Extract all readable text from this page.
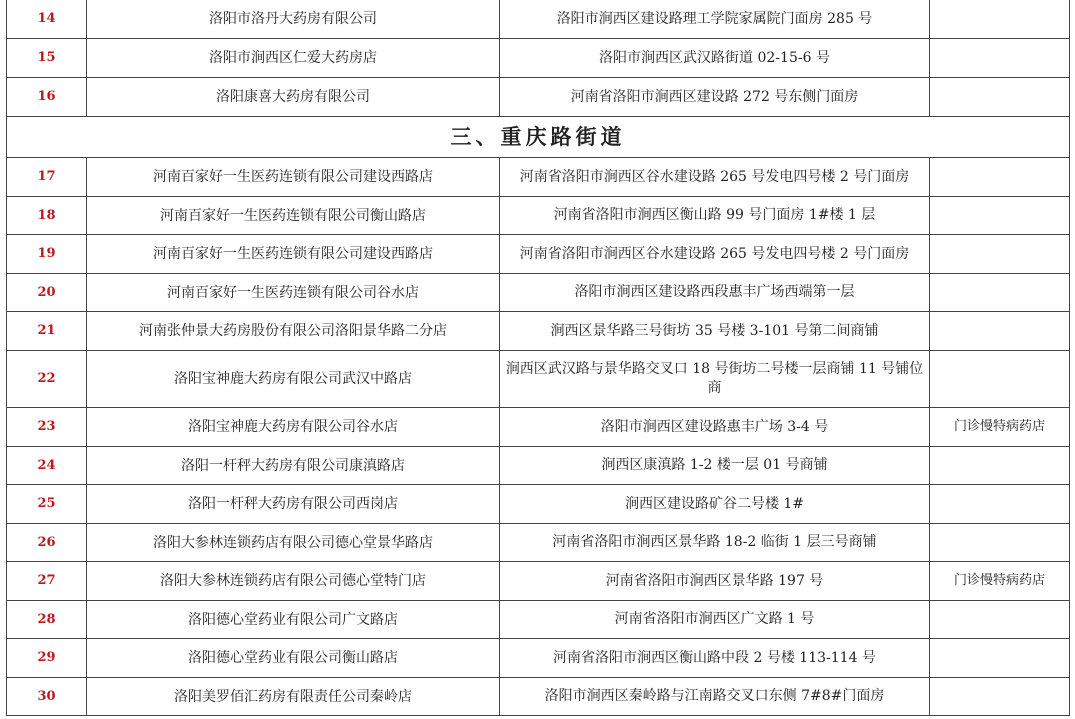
14	洛阳市洛丹大药房有限公司	洛阳市涧西区建设路理工学院家属院门面房 285 号	
15	洛阳市涧西区仁爱大药房店	洛阳市涧西区武汉路街道 02-15-6 号	
16	洛阳康喜大药房有限公司	河南省洛阳市涧西区建设路 272 号东侧门面房	
三、重庆路街道			
17	河南百家好一生医药连锁有限公司建设西路店	河南省洛阳市涧西区谷水建设路 265 号发电四号楼 2 号门面房	
18	河南百家好一生医药连锁有限公司衡山路店	河南省洛阳市涧西区衡山路 99 号门面房 1#楼 1 层	
19	河南百家好一生医药连锁有限公司建设西路店	河南省洛阳市涧西区谷水建设路 265 号发电四号楼 2 号门面房	
20	河南百家好一生医药连锁有限公司谷水店	洛阳市涧西区建设路西段惠丰广场西端第一层	
21	河南张仲景大药房股份有限公司洛阳景华路二分店	涧西区景华路三号街坊 35 号楼 3-101 号第二间商铺	
22	洛阳宝神鹿大药房有限公司武汉中路店	涧西区武汉路与景华路交叉口 18 号街坊二号楼一层商铺 11 号铺位商	
23	洛阳宝神鹿大药房有限公司谷水店	洛阳市涧西区建设路惠丰广场 3-4 号	门诊慢特病药店
24	洛阳一杆秤大药房有限公司康滇路店	涧西区康滇路 1-2 楼一层 01 号商铺	
25	洛阳一杆秤大药房有限公司西岗店	涧西区建设路矿谷二号楼 1#	
26	洛阳大参林连锁药店有限公司德心堂景华路店	河南省洛阳市涧西区景华路 18-2 临街 1 层三号商铺	
27	洛阳大参林连锁药店有限公司德心堂特门店	河南省洛阳市涧西区景华路 197 号	门诊慢特病药店
28	洛阳德心堂药业有限公司广文路店	河南省洛阳市涧西区广文路 1 号	
29	洛阳德心堂药业有限公司衡山路店	河南省洛阳市涧西区衡山路中段 2 号楼 113-114 号	
30	洛阳美罗佰汇药房有限责任公司秦岭店	洛阳市涧西区秦岭路与江南路交叉口东侧 7#8#门面房	
